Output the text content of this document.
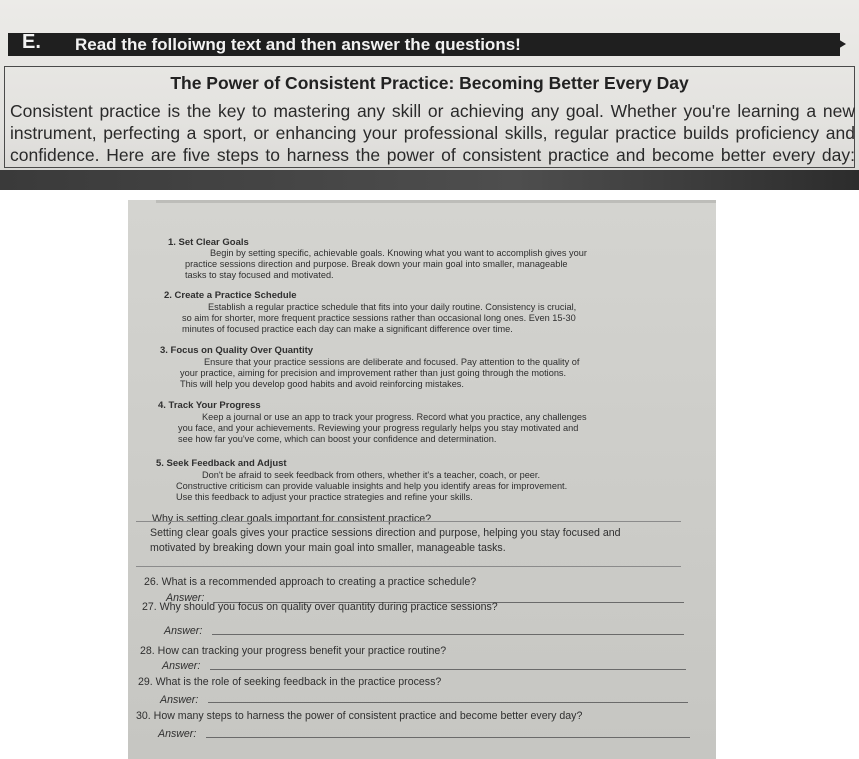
E. Read the folloiwng text and then answer the questions!
The Power of Consistent Practice: Becoming Better Every Day
Consistent practice is the key to mastering any skill or achieving any goal. Whether you're learning a new
instrument, perfecting a sport, or enhancing your professional skills, regular practice builds proficiency and
confidence. Here are five steps to harness the power of consistent practice and become better every day:
1. Set Clear Goals
Begin by setting specific, achievable goals. Knowing what you want to accomplish gives your
practice sessions direction and purpose. Break down your main goal into smaller, manageable
tasks to stay focused and motivated.
2. Create a Practice Schedule
Establish a regular practice schedule that fits into your daily routine. Consistency is crucial,
so aim for shorter, more frequent practice sessions rather than occasional long ones. Even 15-30
minutes of focused practice each day can make a significant difference over time.
3. Focus on Quality Over Quantity
Ensure that your practice sessions are deliberate and focused. Pay attention to the quality of
your practice, aiming for precision and improvement rather than just going through the motions.
This will help you develop good habits and avoid reinforcing mistakes.
4. Track Your Progress
Keep a journal or use an app to track your progress. Record what you practice, any challenges
you face, and your achievements. Reviewing your progress regularly helps you stay motivated and
see how far you've come, which can boost your confidence and determination.
5. Seek Feedback and Adjust
Don't be afraid to seek feedback from others, whether it's a teacher, coach, or peer.
Constructive criticism can provide valuable insights and help you identify areas for improvement.
Use this feedback to adjust your practice strategies and refine your skills.
Why is setting clear goals important for consistent practice?
Setting clear goals gives your practice sessions direction and purpose, helping you stay focused and
motivated by breaking down your main goal into smaller, manageable tasks.
26. What is a recommended approach to creating a practice schedule?
Answer:
27. Why should you focus on quality over quantity during practice sessions?
Answer:
28. How can tracking your progress benefit your practice routine?
Answer:
29. What is the role of seeking feedback in the practice process?
Answer:
30. How many steps to harness the power of consistent practice and become better every day?
Answer:
